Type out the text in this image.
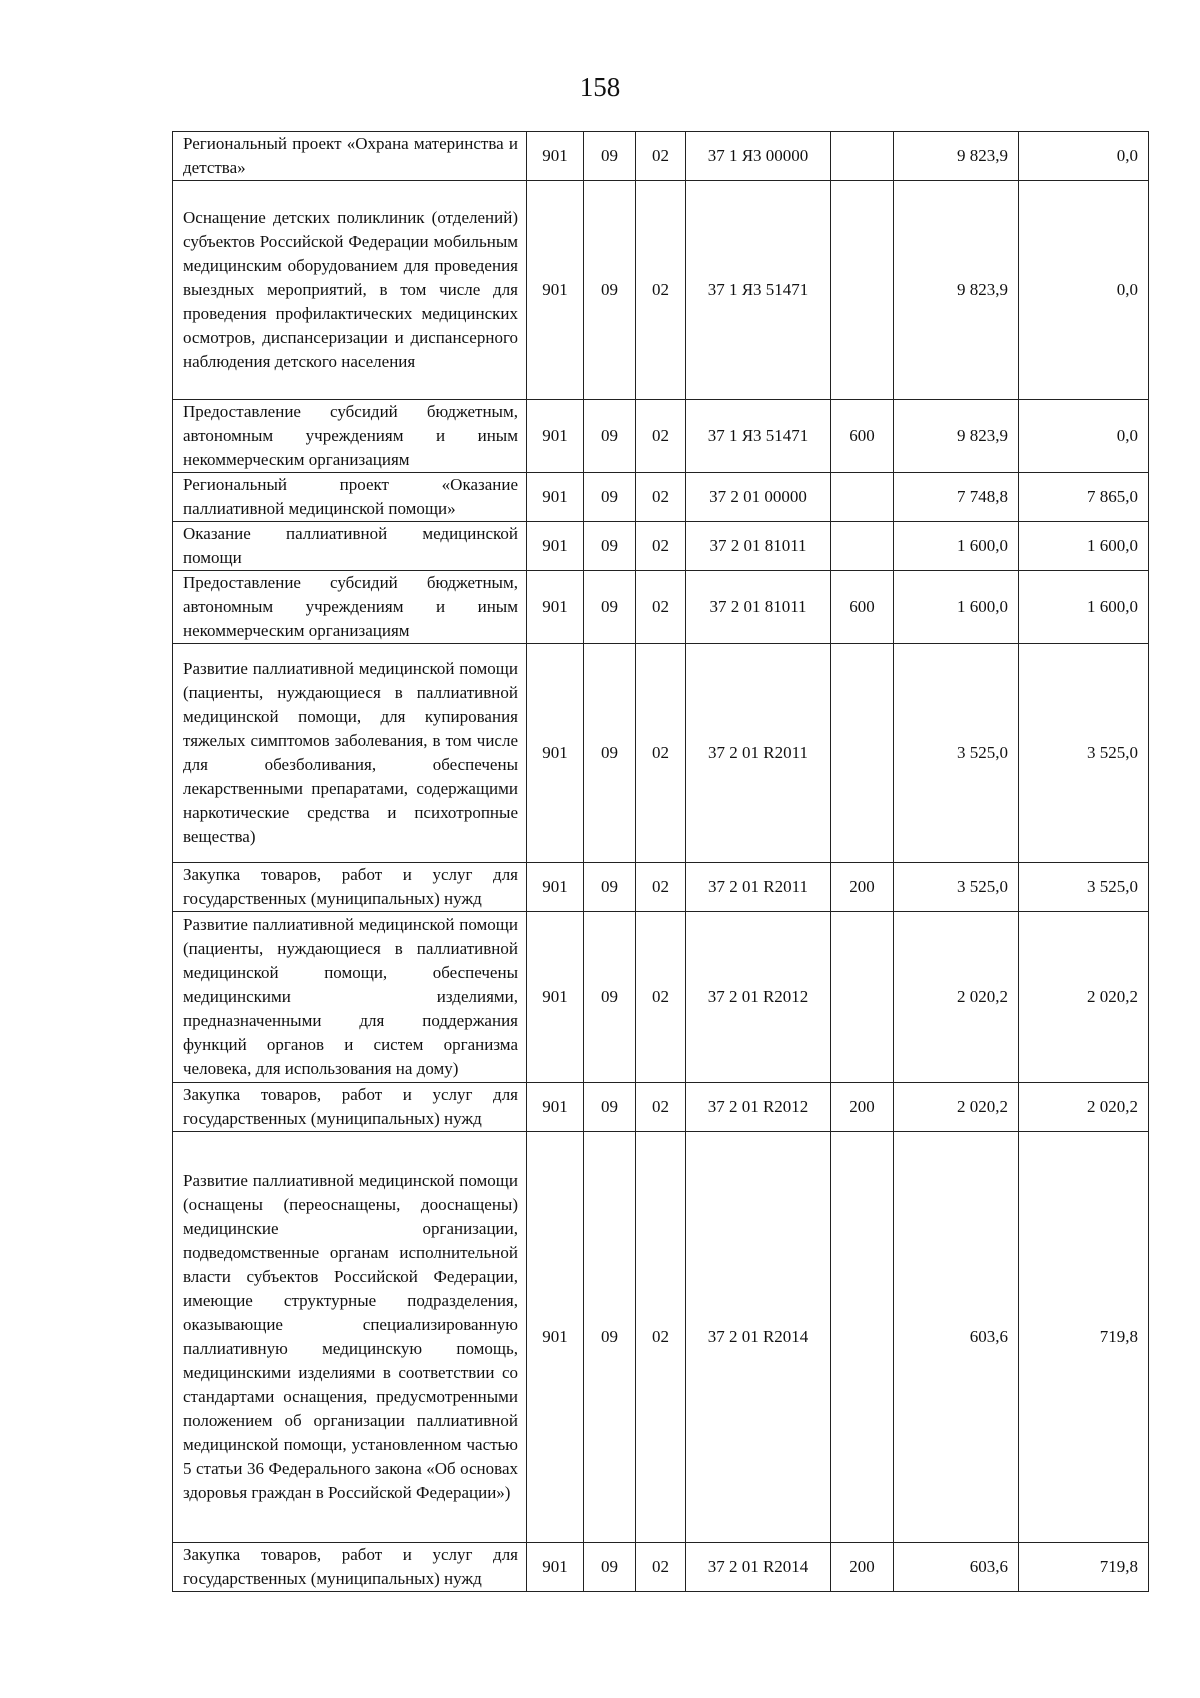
158
Региональный проект «Охрана материнства и детства»	901	09	02	37 1 Я3 00000		9 823,9	0,0
Оснащение детских поликлиник (отделений) субъектов Российской Федерации мобильным медицинским оборудованием для проведения выездных мероприятий, в том числе для проведения профилактических медицинских осмотров, диспансеризации и диспансерного наблюдения детского населения	901	09	02	37 1 Я3 51471		9 823,9	0,0
Предоставление субсидий бюджетным, автономным учреждениям и иным некоммерческим организациям	901	09	02	37 1 Я3 51471	600	9 823,9	0,0
Региональный проект «Оказание паллиативной медицинской помощи»	901	09	02	37 2 01 00000		7 748,8	7 865,0
Оказание паллиативной медицинской помощи	901	09	02	37 2 01 81011		1 600,0	1 600,0
Предоставление субсидий бюджетным, автономным учреждениям и иным некоммерческим организациям	901	09	02	37 2 01 81011	600	1 600,0	1 600,0
Развитие паллиативной медицинской помощи (пациенты, нуждающиеся в паллиативной медицинской помощи, для купирования тяжелых симптомов заболевания, в том числе для обезболивания, обеспечены лекарственными препаратами, содержащими наркотические средства и психотропные вещества)	901	09	02	37 2 01 R2011		3 525,0	3 525,0
Закупка товаров, работ и услуг для государственных (муниципальных) нужд	901	09	02	37 2 01 R2011	200	3 525,0	3 525,0
Развитие паллиативной медицинской помощи (пациенты, нуждающиеся в паллиативной медицинской помощи, обеспечены медицинскими изделиями, предназначенными для поддержания функций органов и систем организма человека, для использования на дому)	901	09	02	37 2 01 R2012		2 020,2	2 020,2
Закупка товаров, работ и услуг для государственных (муниципальных) нужд	901	09	02	37 2 01 R2012	200	2 020,2	2 020,2
Развитие паллиативной медицинской помощи (оснащены (переоснащены, дооснащены) медицинские организации, подведомственные органам исполнительной власти субъектов Российской Федерации, имеющие структурные подразделения, оказывающие специализированную паллиативную медицинскую помощь, медицинскими изделиями в соответствии со стандартами оснащения, предусмотренными положением об организации паллиативной медицинской помощи, установленном частью 5 статьи 36 Федерального закона «Об основах здоровья граждан в Российской Федерации»)	901	09	02	37 2 01 R2014		603,6	719,8
Закупка товаров, работ и услуг для государственных (муниципальных) нужд	901	09	02	37 2 01 R2014	200	603,6	719,8
